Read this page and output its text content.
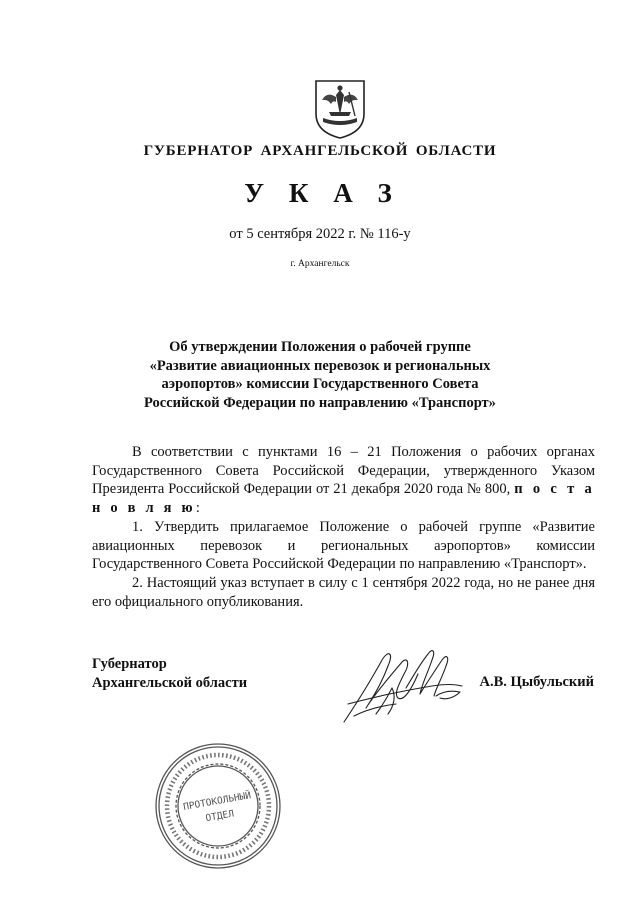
ГУБЕРНАТОР АРХАНГЕЛЬСКОЙ ОБЛАСТИ
У К А З
от 5 сентября 2022 г. № 116-у
г. Архангельск
Об утверждении Положения о рабочей группе
«Развитие авиационных перевозок и региональных
аэропортов» комиссии Государственного Совета
Российской Федерации по направлению «Транспорт»

В соответствии с пунктами 16 – 21 Положения о рабочих органах Государственного Совета Российской Федерации, утвержденного Указом Президента Российской Федерации от 21 декабря 2020 года № 800, п о с т а н о в л я ю:

1. Утвердить прилагаемое Положение о рабочей группе «Развитие авиационных перевозок и региональных аэропортов» комиссии Государственного Совета Российской Федерации по направлению «Транспорт».

2. Настоящий указ вступает в силу с 1 сентября 2022 года, но не ранее дня его официального опубликования.

Губернатор
Архангельской области	А.В. Цыбульский
ПРОТОКОЛЬНЫЙ
ОТДЕЛ
